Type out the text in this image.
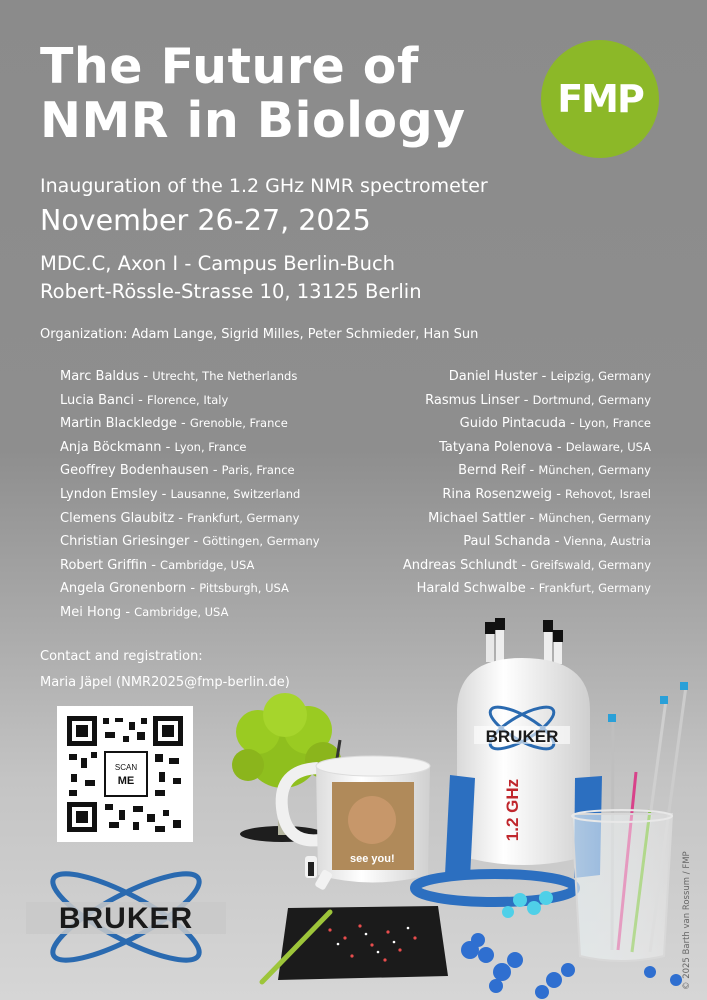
The Future of
NMR in Biology FMP
Inauguration of the 1.2 GHz NMR spectrometer
November 26-27, 2025
MDC.C, Axon I - Campus Berlin-Buch
Robert-Rössle-Strasse 10, 13125 Berlin
Organization: Adam Lange, Sigrid Milles, Peter Schmieder, Han Sun
Marc Baldus - Utrecht, The Netherlands
Lucia Banci - Florence, Italy
Martin Blackledge - Grenoble, France
Anja Böckmann - Lyon, France
Geoffrey Bodenhausen - Paris, France
Lyndon Emsley - Lausanne, Switzerland
Clemens Glaubitz - Frankfurt, Germany
Christian Griesinger - Göttingen, Germany
Robert Griffin - Cambridge, USA
Angela Gronenborn - Pittsburgh, USA
Mei Hong - Cambridge, USA
Daniel Huster - Leipzig, Germany
Rasmus Linser - Dortmund, Germany
Guido Pintacuda - Lyon, France
Tatyana Polenova - Delaware, USA
Bernd Reif - München, Germany
Rina Rosenzweig - Rehovot, Israel
Michael Sattler - München, Germany
Paul Schanda - Vienna, Austria
Andreas Schlundt - Greifswald, Germany
Harald Schwalbe - Frankfurt, Germany
Contact and registration:
Maria Jäpel (NMR2025@fmp-berlin.de)
BRUKER
1.2 GHz
see you!
SCAN
ME
BRUKER	© 2025 Barth van Rossum / FMP
